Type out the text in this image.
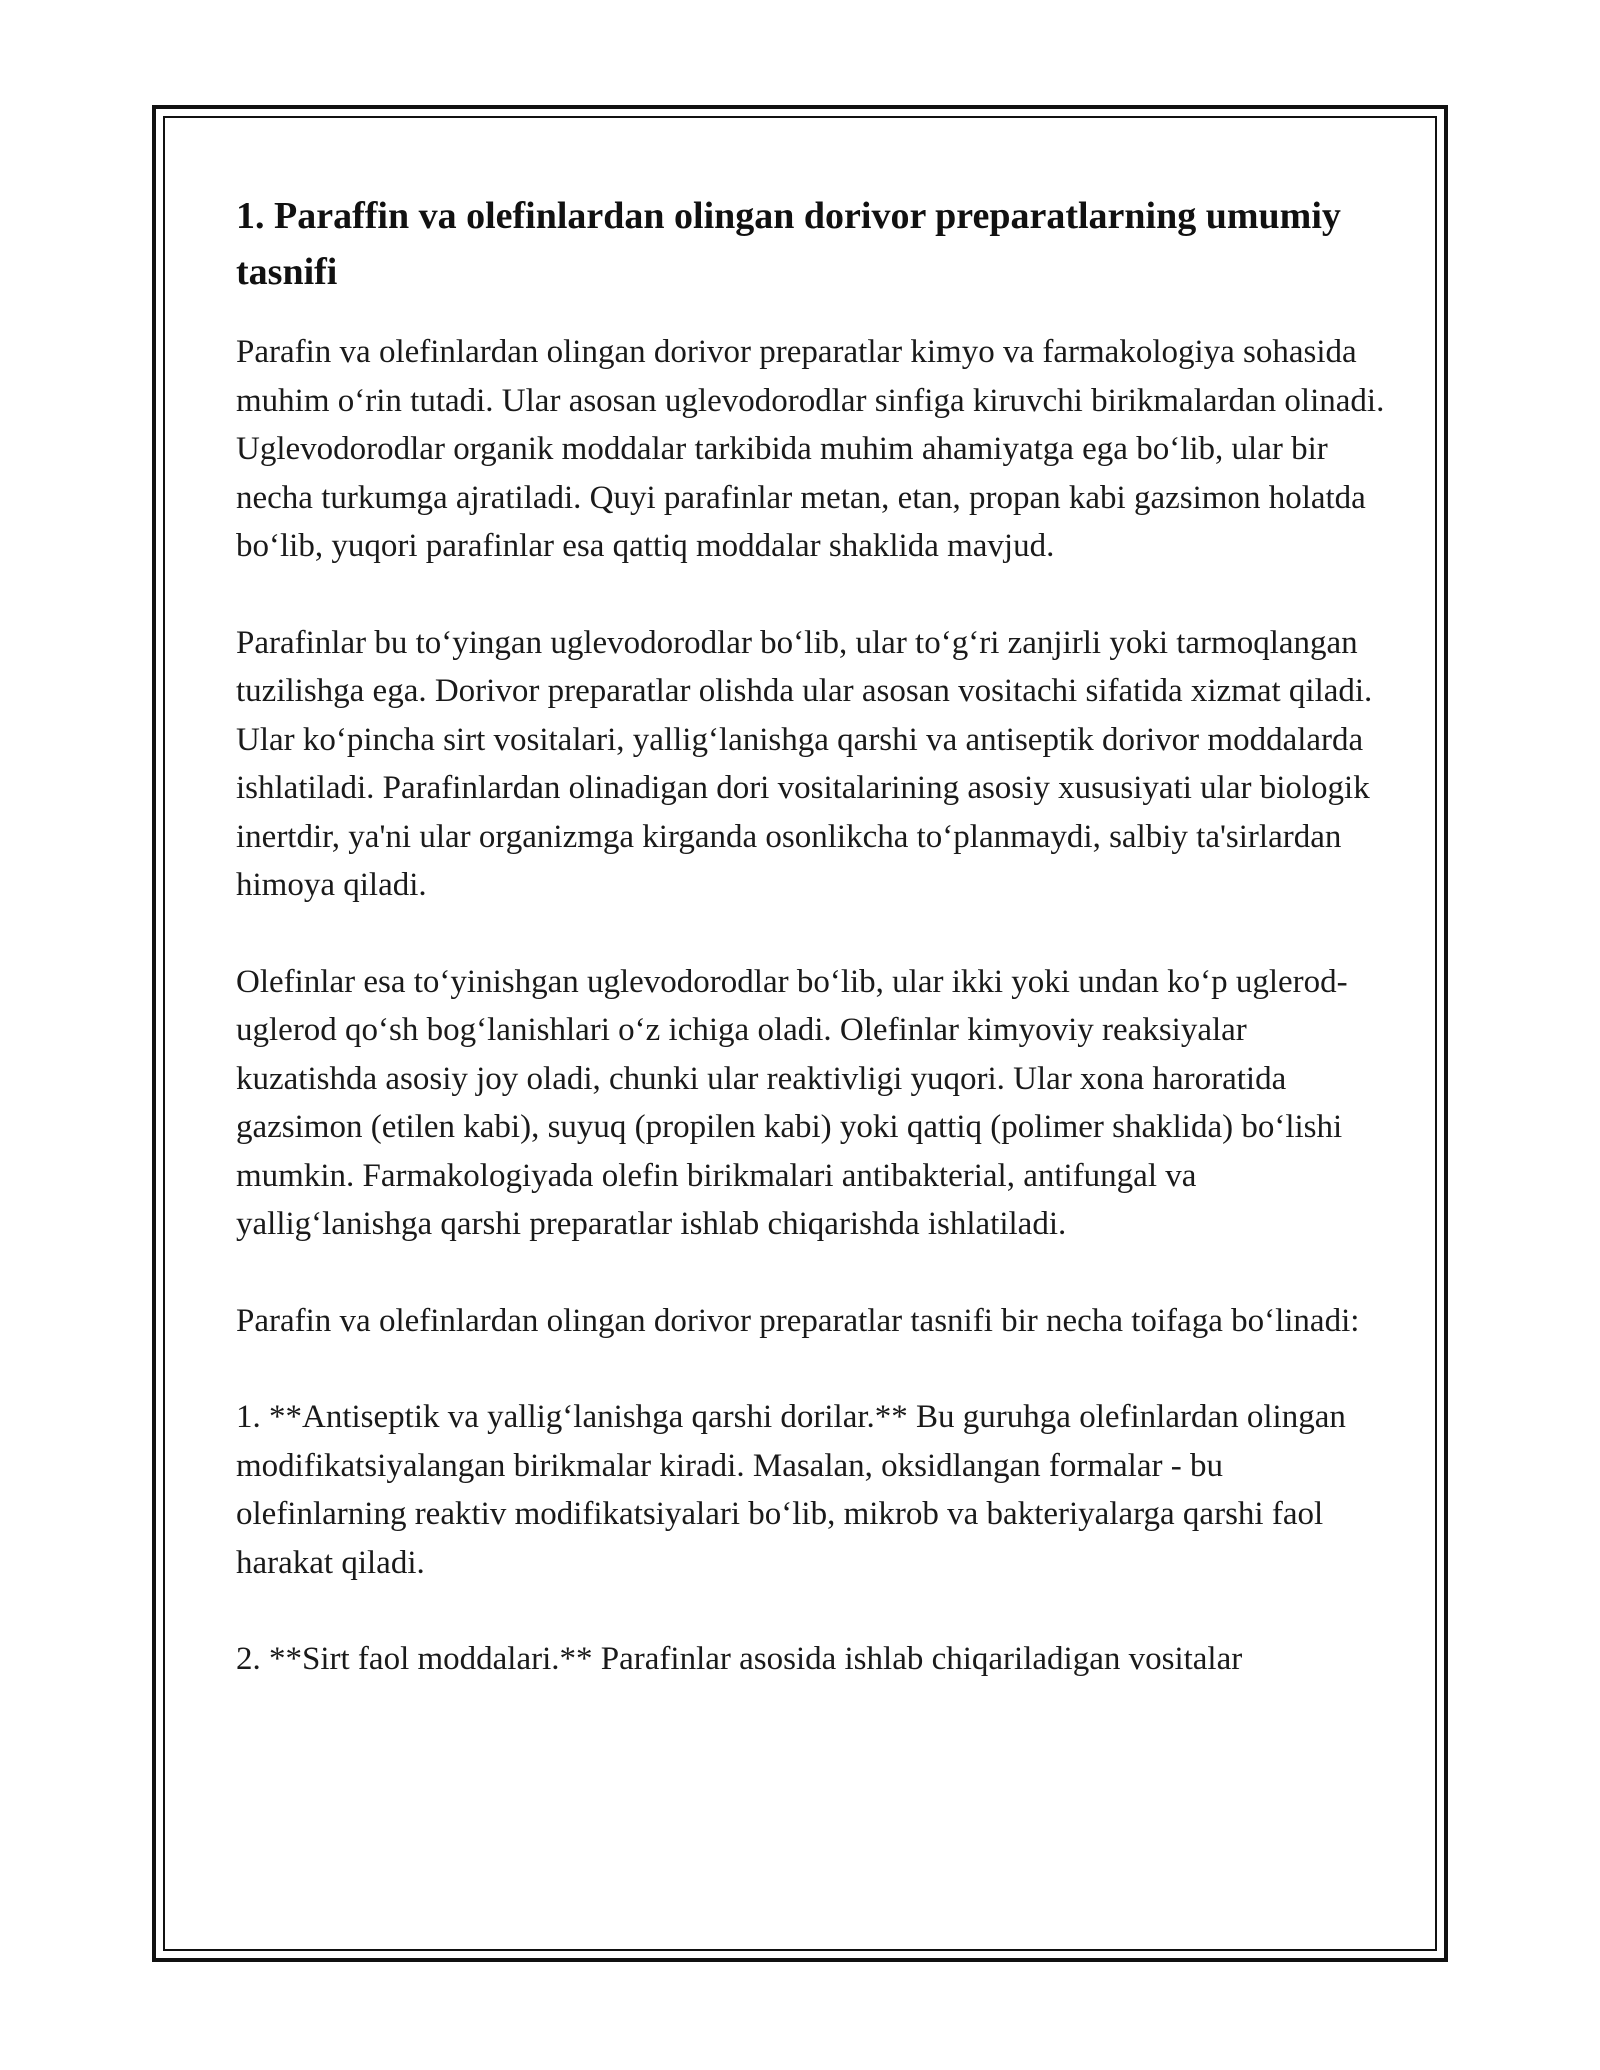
1. Paraffin va olefinlardan olingan dorivor preparatlarning umumiy tasnifi

Parafin va olefinlardan olingan dorivor preparatlar kimyo va farmakologiya sohasida muhim oʻrin tutadi. Ular asosan uglevodorodlar sinfiga kiruvchi birikmalardan olinadi. Uglevodorodlar organik moddalar tarkibida muhim ahamiyatga ega boʻlib, ular bir necha turkumga ajratiladi. Quyi parafinlar metan, etan, propan kabi gazsimon holatda boʻlib, yuqori parafinlar esa qattiq moddalar shaklida mavjud.

Parafinlar bu toʻyingan uglevodorodlar boʻlib, ular toʻgʻri zanjirli yoki tarmoqlangan tuzilishga ega. Dorivor preparatlar olishda ular asosan vositachi sifatida xizmat qiladi. Ular koʻpincha sirt vositalari, yalligʻlanishga qarshi va antiseptik dorivor moddalarda ishlatiladi. Parafinlardan olinadigan dori vositalarining asosiy xususiyati ular biologik inertdir, ya'ni ular organizmga kirganda osonlikcha toʻplanmaydi, salbiy ta'sirlardan himoya qiladi.

Olefinlar esa toʻyinishgan uglevodorodlar boʻlib, ular ikki yoki undan koʻp uglerod-uglerod qoʻsh bogʻlanishlari oʻz ichiga oladi. Olefinlar kimyoviy reaksiyalar kuzatishda asosiy joy oladi, chunki ular reaktivligi yuqori. Ular xona haroratida gazsimon (etilen kabi), suyuq (propilen kabi) yoki qattiq (polimer shaklida) boʻlishi mumkin. Farmakologiyada olefin birikmalari antibakterial, antifungal va yalligʻlanishga qarshi preparatlar ishlab chiqarishda ishlatiladi.

Parafin va olefinlardan olingan dorivor preparatlar tasnifi bir necha toifaga boʻlinadi:

1. **Antiseptik va yalligʻlanishga qarshi dorilar.** Bu guruhga olefinlardan olingan modifikatsiyalangan birikmalar kiradi. Masalan, oksidlangan formalar - bu olefinlarning reaktiv modifikatsiyalari boʻlib, mikrob va bakteriyalarga qarshi faol harakat qiladi.

2. **Sirt faol moddalari.** Parafinlar asosida ishlab chiqariladigan vositalar
